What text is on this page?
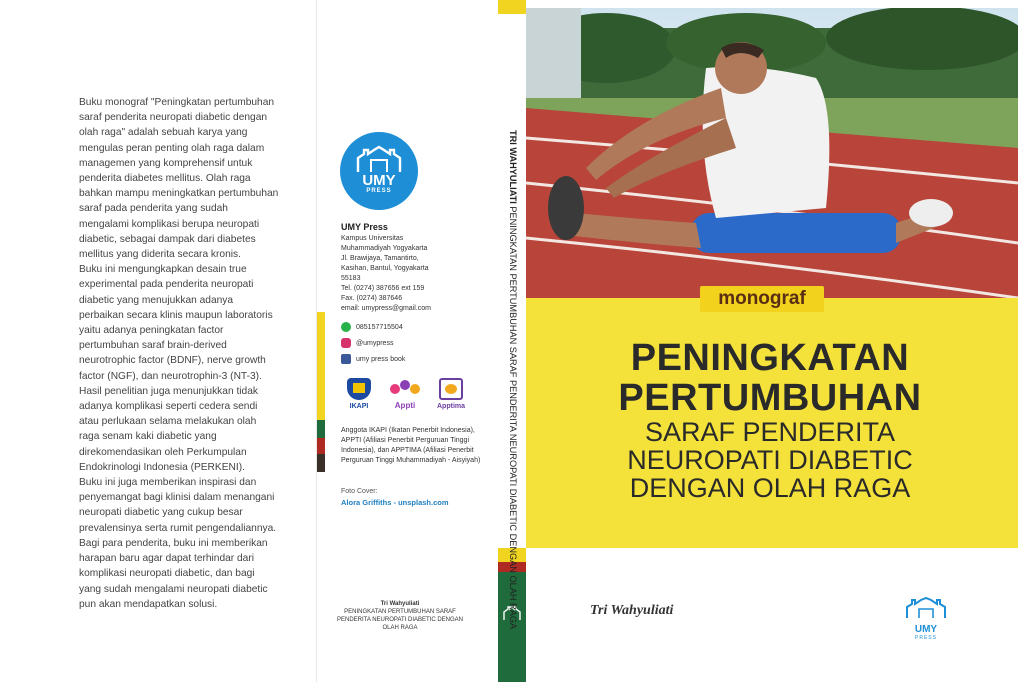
Buku monograf "Peningkatan pertumbuhan saraf penderita neuropati diabetic dengan olah raga" adalah sebuah karya yang mengulas peran penting olah raga dalam managemen yang komprehensif untuk penderita diabetes mellitus. Olah raga bahkan mampu meningkatkan pertumbuhan saraf pada penderita yang sudah mengalami komplikasi berupa neuropati diabetic, sebagai dampak dari diabetes mellitus yang diderita secara kronis.

Buku ini mengungkapkan desain true experimental pada penderita neuropati diabetic yang menujukkan adanya perbaikan secara klinis maupun laboratoris yaitu adanya peningkatan factor pertumbuhan saraf brain-derived neurotrophic factor (BDNF), nerve growth factor (NGF), dan neurotrophin-3 (NT-3). Hasil penelitian juga menunjukkan tidak adanya komplikasi seperti cedera sendi atau perlukaan selama melakukan olah raga senam kaki diabetic yang direkomendasikan oleh Perkumpulan Endokrinologi Indonesia (PERKENI).

Buku ini juga memberikan inspirasi dan penyemangat bagi klinisi dalam menangani neuropati diabetic yang cukup besar prevalensinya serta rumit pengendaliannya. Bagi para penderita, buku ini memberikan harapan baru agar dapat terhindar dari komplikasi neuropati diabetic, dan bagi yang sudah mengalami neuropati diabetic pun akan mendapatkan solusi.

UMY
PRESS
UMY Press
Kampus Universitas
Muhammadiyah Yogyakarta
Jl. Brawijaya, Tamantirto,
Kasihan, Bantul, Yogyakarta
55183
Tel. (0274) 387656 ext 159
Fax. (0274) 387646
email: umypress@gmail.com
085157715504
@umypress
umy press book
IKAPI	Appti	Apptima
Anggota IKAPI (Ikatan Penerbit Indonesia), APPTI (Afiliasi Penerbit Perguruan Tinggi Indonesia), dan APPTIMA (Afiliasi Penerbit Perguruan Tinggi Muhammadiyah - Aisyiyah)
Foto Cover:
Alora Griffiths - unsplash.com
Tri Wahyuliati
PENINGKATAN PERTUMBUHAN SARAF PENDERITA NEUROPATI DIABETIC DENGAN OLAH RAGA
TRI WAHYULIATI PENINGKATAN PERTUMBUHAN SARAF PENDERITA NEUROPATI DIABETIC DENGAN OLAH RAGA	monograf
PENINGKATAN
PERTUMBUHAN
SARAF PENDERITA
NEUROPATI DIABETIC
DENGAN OLAH RAGA
Tri Wahyuliati
UMY
PRESS
